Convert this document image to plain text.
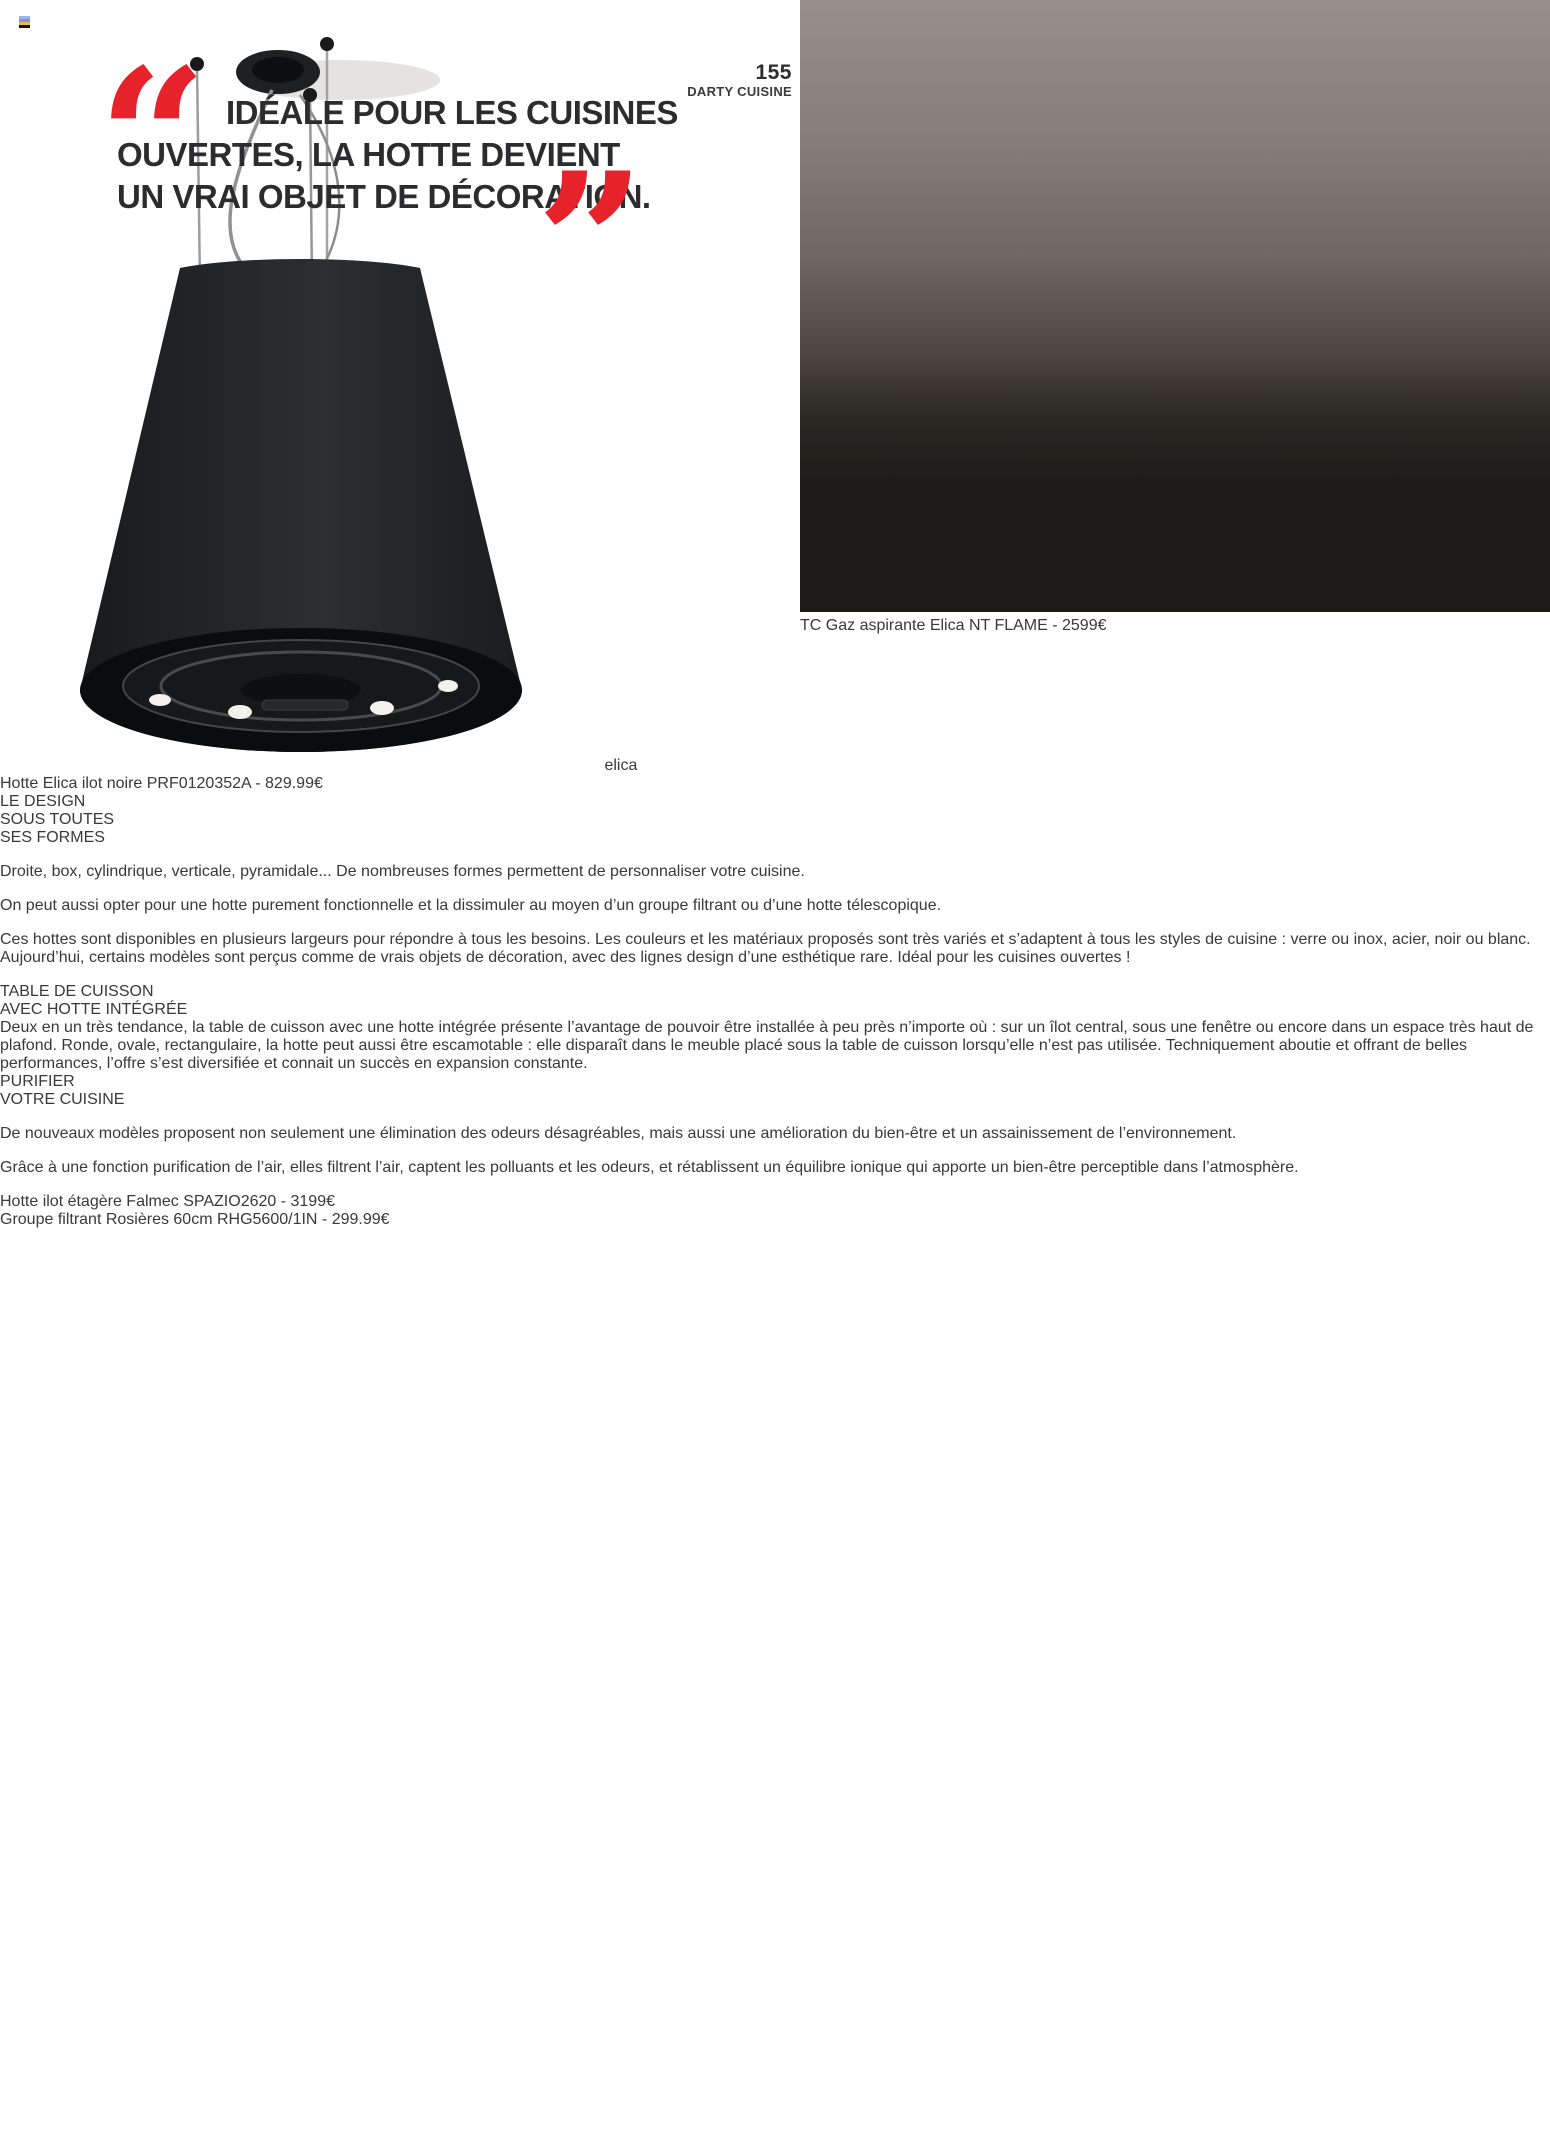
155
DARTY CUISINE
“ IDÉALE POUR LES CUISINES
OUVERTES, LA HOTTE DEVIENT
UN VRAI OBJET DE DÉCORATION.
”
TC Gaz aspirante Elica NT FLAME - 2599€
elica
Hotte Elica ilot noire PRF0120352A - 829.99€
LE DESIGN
SOUS TOUTES
SES FORMES

Droite, box, cylindrique, verticale, pyramidale... De nombreuses formes permettent de personnaliser votre cuisine.

On peut aussi opter pour une hotte purement fonctionnelle et la dissimuler au moyen d’un groupe filtrant ou d’une hotte télescopique.

Ces hottes sont disponibles en plusieurs largeurs pour répondre à tous les besoins. Les couleurs et les matériaux proposés sont très variés et s’adaptent à tous les styles de cuisine : verre ou inox, acier, noir ou blanc. Aujourd’hui, certains modèles sont perçus comme de vrais objets de décoration, avec des lignes design d’une esthétique rare. Idéal pour les cuisines ouvertes !

TABLE DE CUISSON
AVEC HOTTE INTÉGRÉE

Deux en un très tendance, la table de cuisson avec une hotte intégrée présente l’avantage de pouvoir être installée à peu près n’importe où : sur un îlot central, sous une fenêtre ou encore dans un espace très haut de plafond. Ronde, ovale, rectangulaire, la hotte peut aussi être escamotable : elle disparaît dans le meuble placé sous la table de cuisson lorsqu’elle n’est pas utilisée. Techniquement aboutie et offrant de belles performances, l’offre s’est diversifiée et connait un succès en expansion constante.

PURIFIER
VOTRE CUISINE

De nouveaux modèles proposent non seulement une élimination des odeurs désagréables, mais aussi une amélioration du bien-être et un assainissement de l’environnement.

Grâce à une fonction purification de l’air, elles filtrent l’air, captent les polluants et les odeurs, et rétablissent un équilibre ionique qui apporte un bien-être perceptible dans l’atmosphère.

Hotte ilot étagère Falmec SPAZIO2620 - 3199€
Groupe filtrant Rosières 60cm RHG5600/1IN - 299.99€
